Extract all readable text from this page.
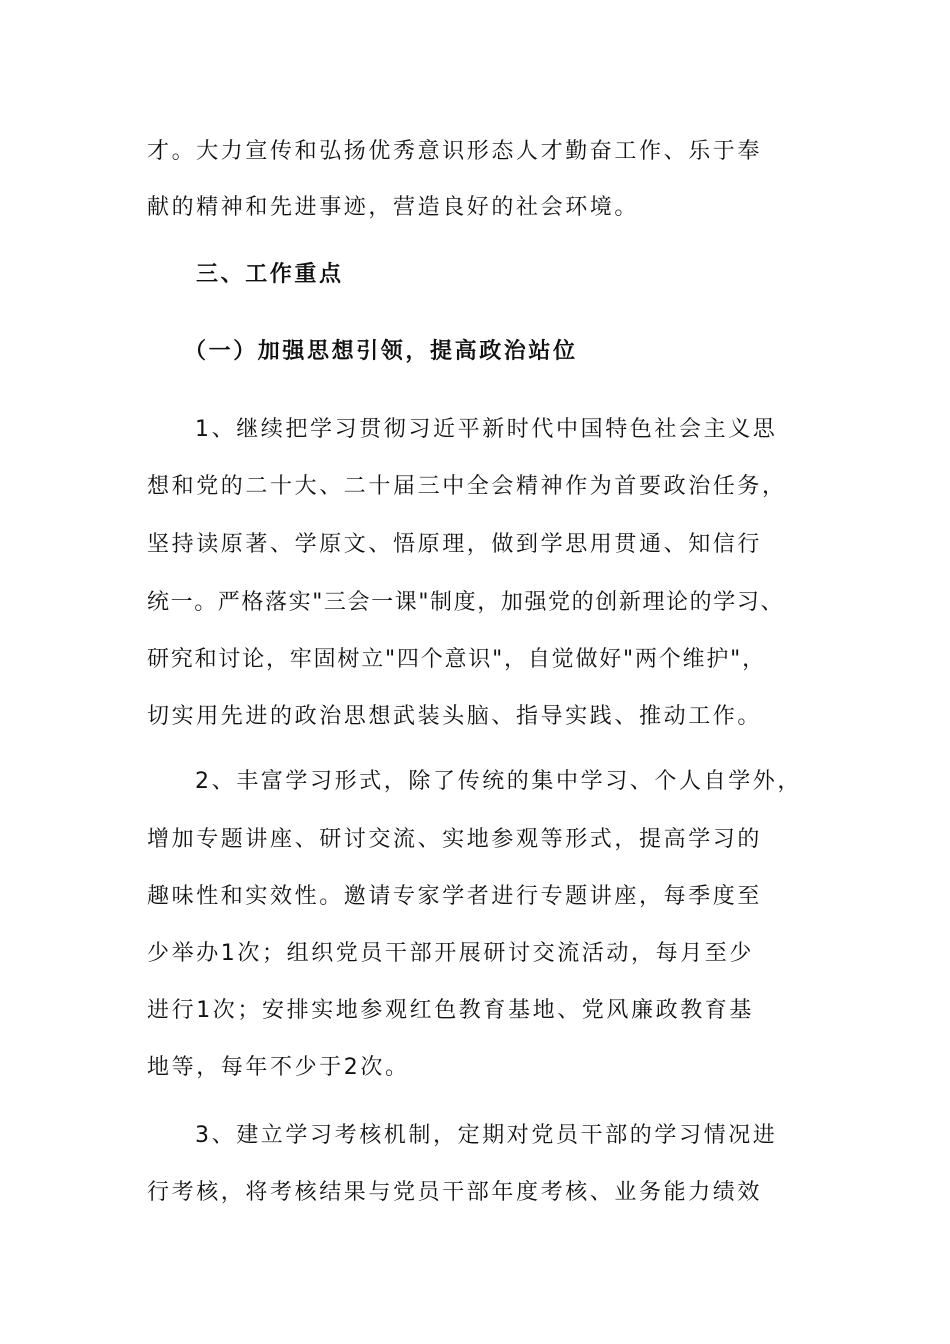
才。大力宣传和弘扬优秀意识形态人才勤奋工作、乐于奉
献的精神和先进事迹，营造良好的社会环境。
三、工作重点
（一）加强思想引领，提高政治站位
1、继续把学习贯彻习近平新时代中国特色社会主义思
想和党的二十大、二十届三中全会精神作为首要政治任务，
坚持读原著、学原文、悟原理，做到学思用贯通、知信行
统一。严格落实"三会一课"制度，加强党的创新理论的学习、
研究和讨论，牢固树立"四个意识"，自觉做好"两个维护"，
切实用先进的政治思想武装头脑、指导实践、推动工作。
2、丰富学习形式，除了传统的集中学习、个人自学外，
增加专题讲座、研讨交流、实地参观等形式，提高学习的
趣味性和实效性。邀请专家学者进行专题讲座，每季度至
少举办1次；组织党员干部开展研讨交流活动，每月至少
进行1次；安排实地参观红色教育基地、党风廉政教育基
地等，每年不少于2次。
3、建立学习考核机制，定期对党员干部的学习情况进
行考核，将考核结果与党员干部年度考核、业务能力绩效
